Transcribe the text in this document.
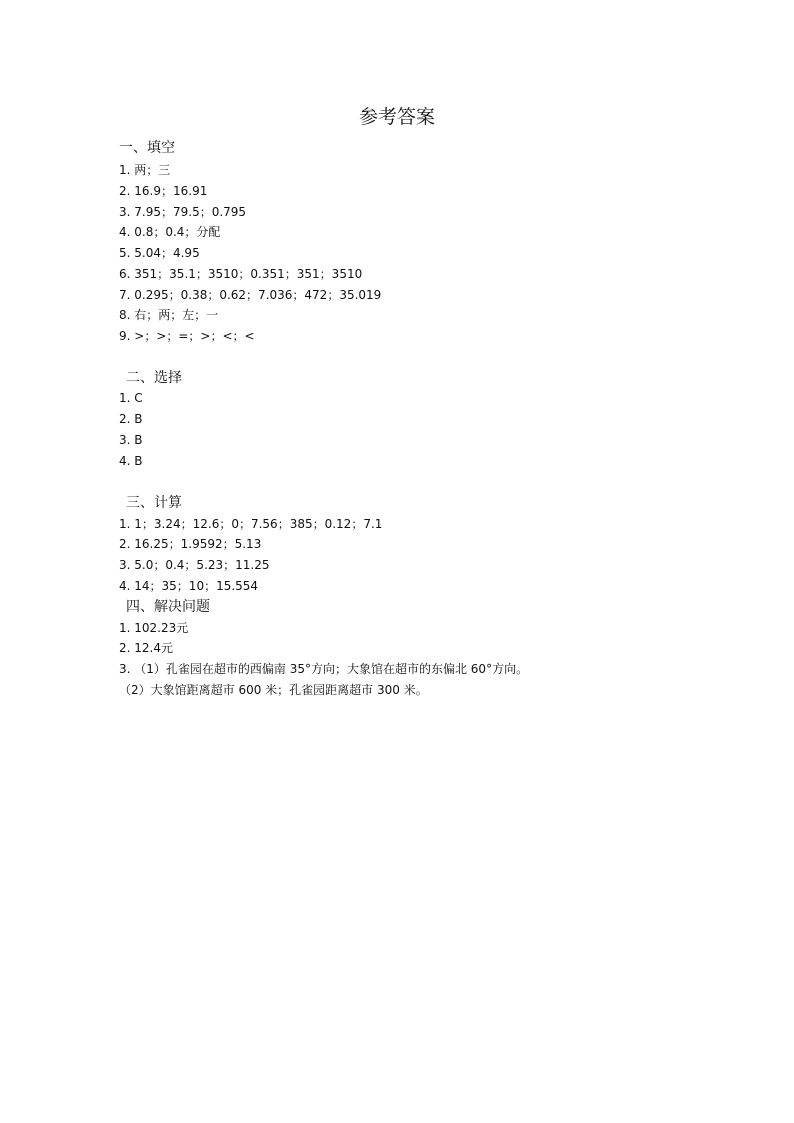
参考答案
一、填空
1. 两；三
2. 16.9；16.91
3. 7.95；79.5；0.795
4. 0.8；0.4；分配
5. 5.04；4.95
6. 351；35.1；3510；0.351；351；3510
7. 0.295；0.38；0.62；7.036；472；35.019
8. 右；两；左；一
9. >；>；=；>；<；<
二、选择
1. C
2. B
3. B
4. B
三、计算
1. 1；3.24；12.6；0；7.56；385；0.12；7.1
2. 16.25；1.9592；5.13
3. 5.0；0.4；5.23；11.25
4. 14；35；10；15.554
四、解决问题
1. 102.23元
2. 12.4元
3. （1）孔雀园在超市的西偏南 35°方向；大象馆在超市的东偏北 60°方向。
（2）大象馆距离超市 600 米；孔雀园距离超市 300 米。
